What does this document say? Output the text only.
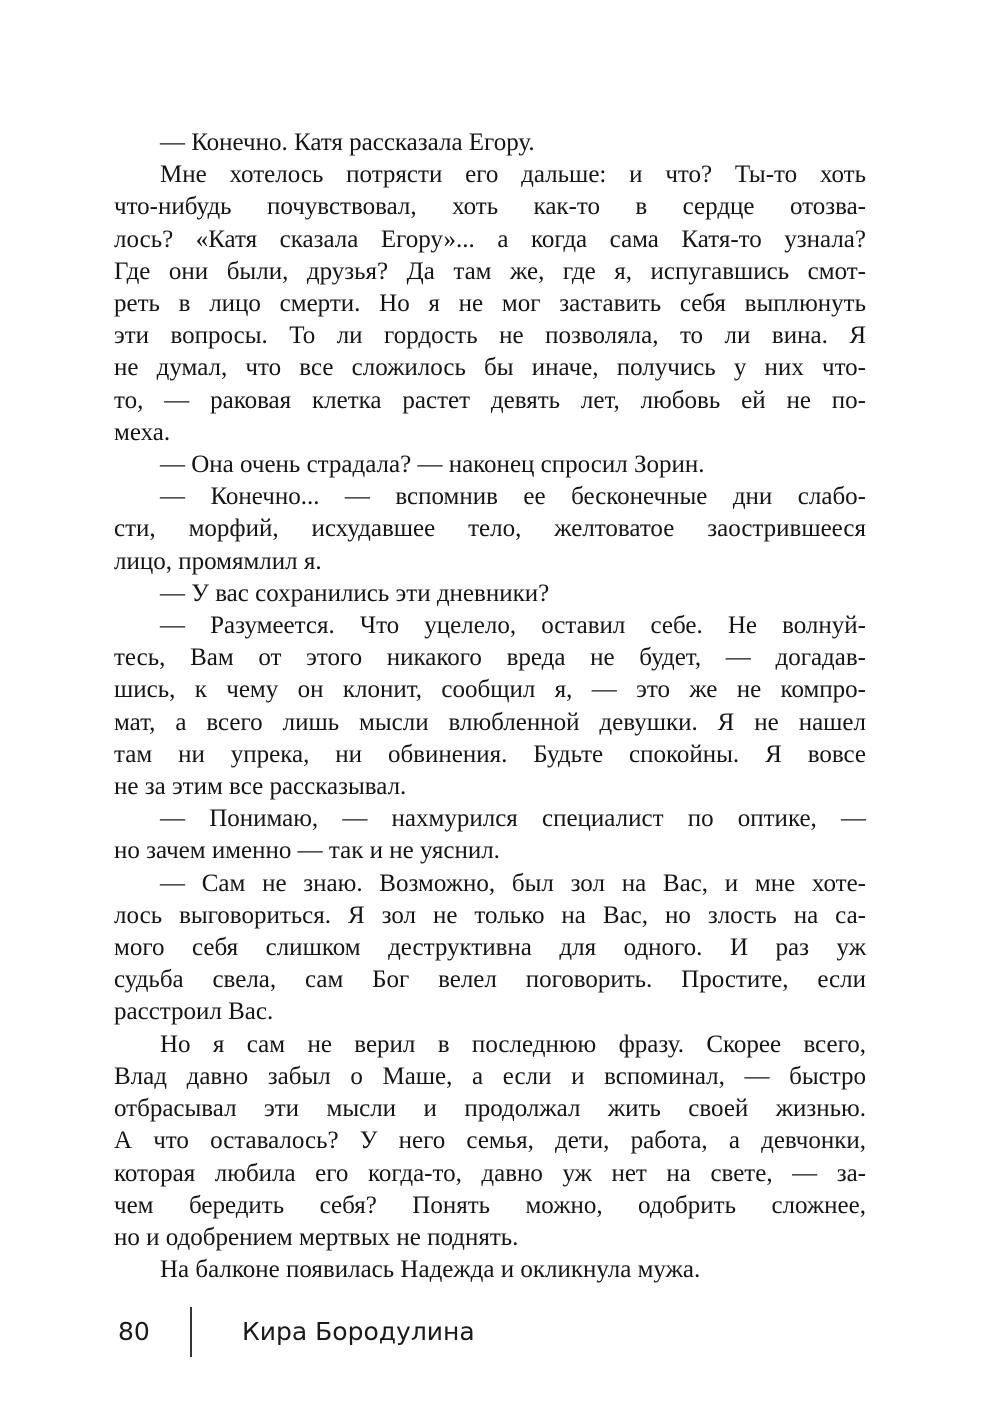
— Конечно. Катя рассказала Егору.
Мне хотелось потрясти его дальше: и что? Ты-то хоть
что-нибудь почувствовал, хоть как-то в сердце отозва-
лось? «Катя сказала Егору»... а когда сама Катя-то узнала?
Где они были, друзья? Да там же, где я, испугавшись смот-
реть в лицо смерти. Но я не мог заставить себя выплюнуть
эти вопросы. То ли гордость не позволяла, то ли вина. Я
не думал, что все сложилось бы иначе, получись у них что-
то, — раковая клетка растет девять лет, любовь ей не по-
меха.
— Она очень страдала? — наконец спросил Зорин.
— Конечно... — вспомнив ее бесконечные дни слабо-
сти, морфий, исхудавшее тело, желтоватое заострившееся
лицо, промямлил я.
— У вас сохранились эти дневники?
— Разумеется. Что уцелело, оставил себе. Не волнуй-
тесь, Вам от этого никакого вреда не будет, — догадав-
шись, к чему он клонит, сообщил я, — это же не компро-
мат, а всего лишь мысли влюбленной девушки. Я не нашел
там ни упрека, ни обвинения. Будьте спокойны. Я вовсе
не за этим все рассказывал.
— Понимаю, — нахмурился специалист по оптике, —
но зачем именно — так и не уяснил.
— Сам не знаю. Возможно, был зол на Вас, и мне хоте-
лось выговориться. Я зол не только на Вас, но злость на са-
мого себя слишком деструктивна для одного. И раз уж
судьба свела, сам Бог велел поговорить. Простите, если
расстроил Вас.
Но я сам не верил в последнюю фразу. Скорее всего,
Влад давно забыл о Маше, а если и вспоминал, — быстро
отбрасывал эти мысли и продолжал жить своей жизнью.
А что оставалось? У него семья, дети, работа, а девчонки,
которая любила его когда-то, давно уж нет на свете, — за-
чем бередить себя? Понять можно, одобрить сложнее,
но и одобрением мертвых не поднять.
На балконе появилась Надежда и окликнула мужа.
80	Кира Бородулина
